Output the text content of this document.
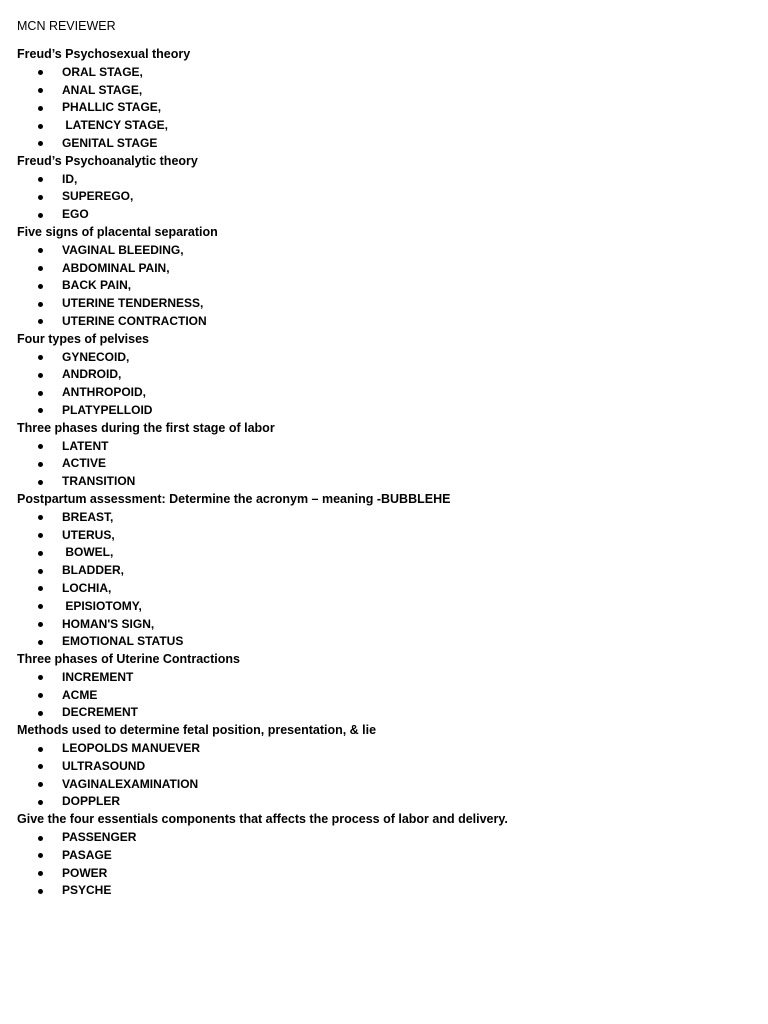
MCN REVIEWER
Freud’s Psychosexual theory
ORAL STAGE,
ANAL STAGE,
PHALLIC STAGE,
LATENCY STAGE,
GENITAL STAGE
Freud’s Psychoanalytic theory
ID,
SUPEREGO,
EGO
Five signs of placental separation
VAGINAL BLEEDING,
ABDOMINAL PAIN,
BACK PAIN,
UTERINE TENDERNESS,
UTERINE CONTRACTION
Four types of pelvises
GYNECOID,
ANDROID,
ANTHROPOID,
PLATYPELLOID
Three phases during the first stage of labor
LATENT
ACTIVE
TRANSITION
Postpartum assessment: Determine the acronym – meaning -BUBBLEHE
BREAST,
UTERUS,
BOWEL,
BLADDER,
LOCHIA,
EPISIOTOMY,
HOMAN'S SIGN,
EMOTIONAL STATUS
Three phases of Uterine Contractions
INCREMENT
ACME
DECREMENT
Methods used to determine fetal position, presentation, & lie
LEOPOLDS MANUEVER
ULTRASOUND
VAGINALEXAMINATION
DOPPLER
Give the four essentials components that affects the process of labor and delivery.
PASSENGER
PASAGE
POWER
PSYCHE
